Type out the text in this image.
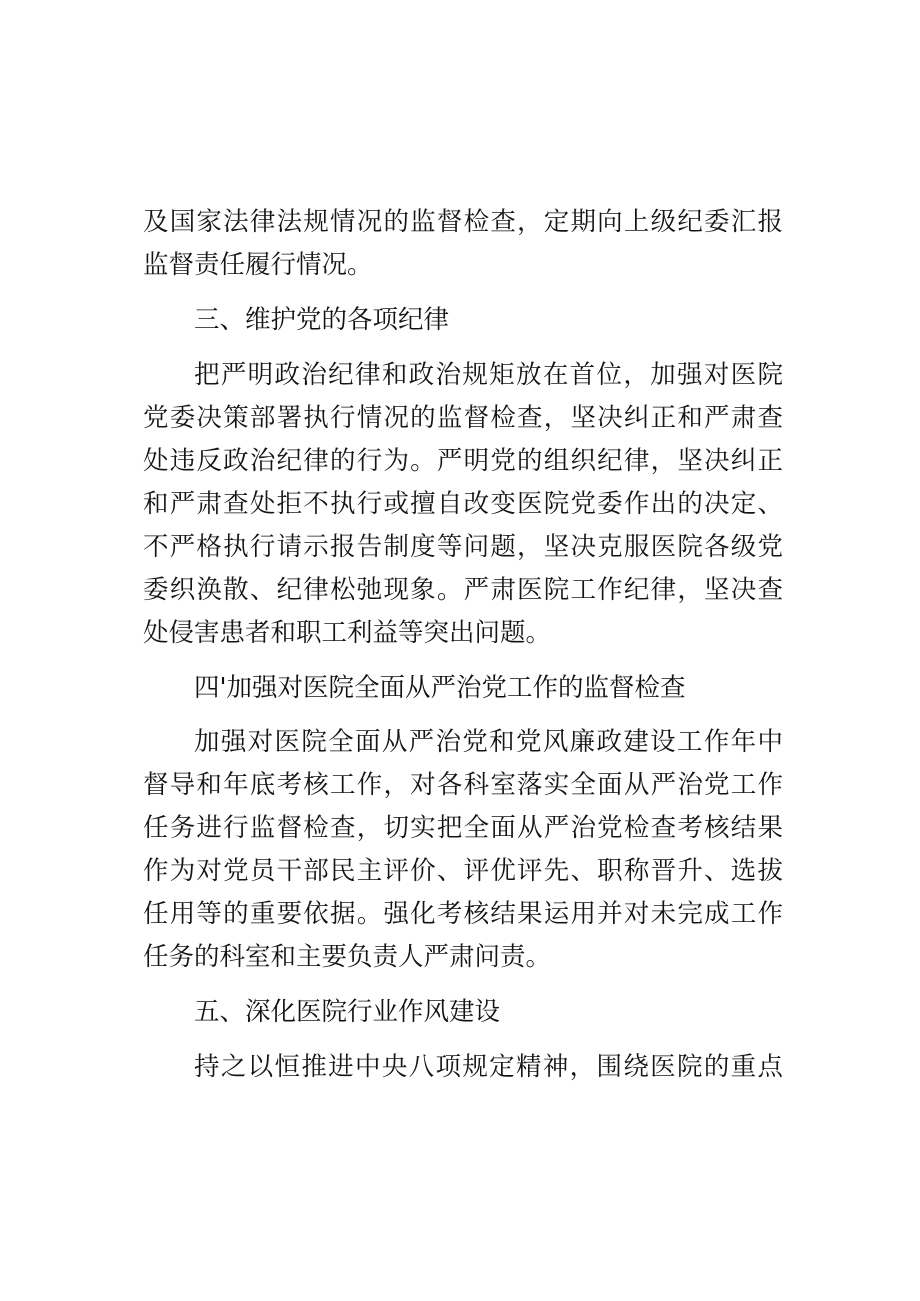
及国家法律法规情况的监督检查，定期向上级纪委汇报
监督责任履行情况。
三、维护党的各项纪律
把严明政治纪律和政治规矩放在首位，加强对医院
党委决策部署执行情况的监督检查，坚决纠正和严肃查
处违反政治纪律的行为。严明党的组织纪律，坚决纠正
和严肃查处拒不执行或擅自改变医院党委作出的决定、
不严格执行请示报告制度等问题，坚决克服医院各级党
委织涣散、纪律松弛现象。严肃医院工作纪律，坚决查
处侵害患者和职工利益等突出问题。
四'加强对医院全面从严治党工作的监督检查
加强对医院全面从严治党和党风廉政建设工作年中
督导和年底考核工作，对各科室落实全面从严治党工作
任务进行监督检查，切实把全面从严治党检查考核结果
作为对党员干部民主评价、评优评先、职称晋升、选拔
任用等的重要依据。强化考核结果运用并对未完成工作
任务的科室和主要负责人严肃问责。
五、深化医院行业作风建设
持之以恒推进中央八项规定精神，围绕医院的重点
